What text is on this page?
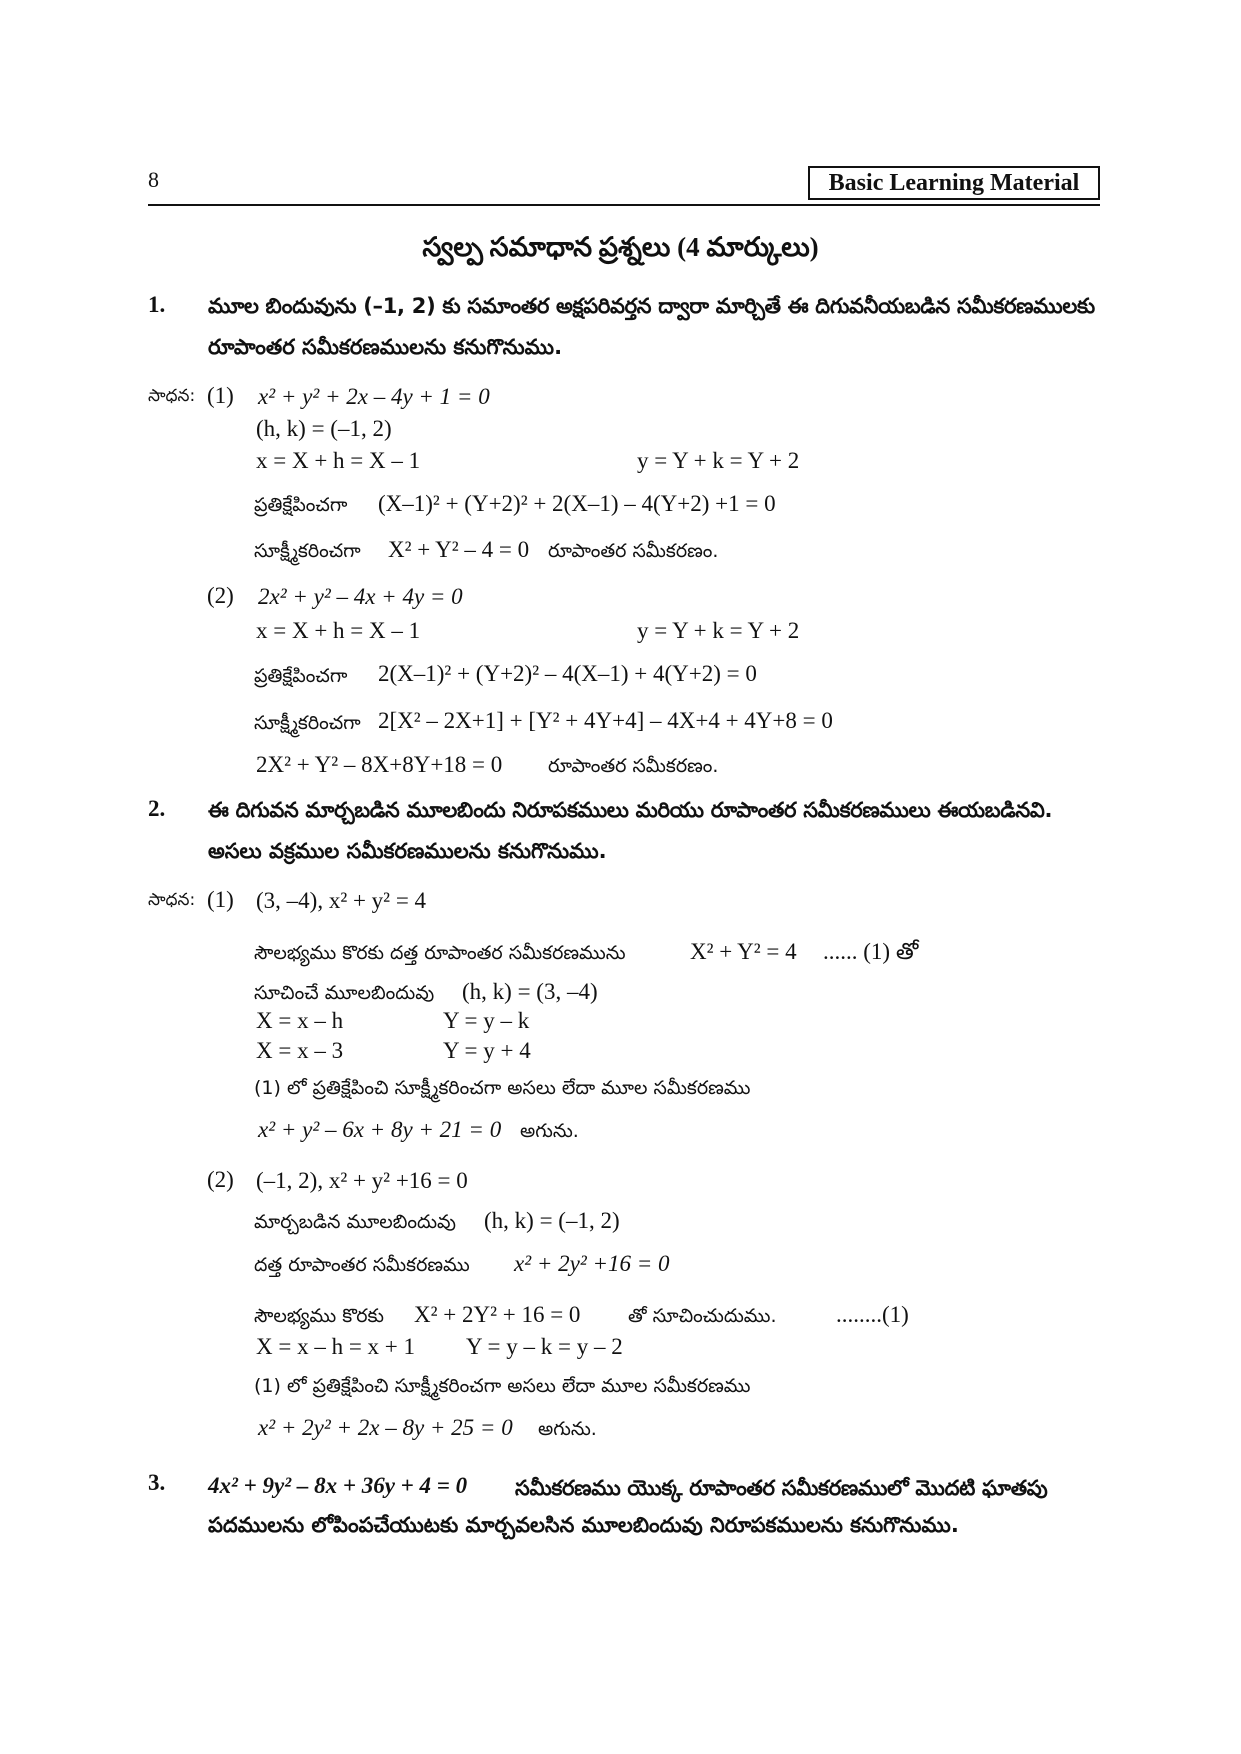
8	Basic Learning Material
స్వల్ప సమాధాన ప్రశ్నలు (4 మార్కులు)
1. మూల బిందువును (–1, 2) కు సమాంతర అక్షపరివర్తన ద్వారా మార్చితే ఈ దిగువనీయబడిన సమీకరణములకు
రూపాంతర సమీకరణములను కనుగొనుము.
సాధన: (1) x² + y² + 2x – 4y + 1 = 0
(h, k) = (–1, 2)
x = X + h = X – 1	y = Y + k = Y + 2
ప్రతిక్షేపించగా (X–1)² + (Y+2)² + 2(X–1) – 4(Y+2) +1 = 0
సూక్ష్మీకరించగా X² + Y² – 4 = 0 రూపాంతర సమీకరణం.
(2) 2x² + y² – 4x + 4y = 0
x = X + h = X – 1	y = Y + k = Y + 2
ప్రతిక్షేపించగా 2(X–1)² + (Y+2)² – 4(X–1) + 4(Y+2) = 0
సూక్ష్మీకరించగా 2[X² – 2X+1] + [Y² + 4Y+4] – 4X+4 + 4Y+8 = 0
2X² + Y² – 8X+8Y+18 = 0 రూపాంతర సమీకరణం.
2. ఈ దిగువన మార్చబడిన మూలబిందు నిరూపకములు మరియు రూపాంతర సమీకరణములు ఈయబడినవి.
అసలు వక్రముల సమీకరణములను కనుగొనుము.
సాధన: (1) (3, –4), x² + y² = 4
సౌలభ్యము కొరకు దత్త రూపాంతర సమీకరణమును	X² + Y² = 4 ...... (1) తో
సూచించే మూలబిందువు (h, k) = (3, –4)
X = x – h	Y = y – k
X = x – 3	Y = y + 4
(1) లో ప్రతిక్షేపించి సూక్ష్మీకరించగా అసలు లేదా మూల సమీకరణము
x² + y² – 6x + 8y + 21 = 0 అగును.
(2) (–1, 2), x² + y² +16 = 0
మార్చబడిన మూలబిందువు (h, k) = (–1, 2)
దత్త రూపాంతర సమీకరణము x² + 2y² +16 = 0
సౌలభ్యము కొరకు X² + 2Y² + 16 = 0	తో సూచించుదుము.	........(1)
X = x – h = x + 1 Y = y – k = y – 2
(1) లో ప్రతిక్షేపించి సూక్ష్మీకరించగా అసలు లేదా మూల సమీకరణము
x² + 2y² + 2x – 8y + 25 = 0 అగును.
3. 4x² + 9y² – 8x + 36y + 4 = 0 సమీకరణము యొక్క రూపాంతర సమీకరణములో మొదటి ఘాతపు
పదములను లోపింపచేయుటకు మార్చవలసిన మూలబిందువు నిరూపకములను కనుగొనుము.
